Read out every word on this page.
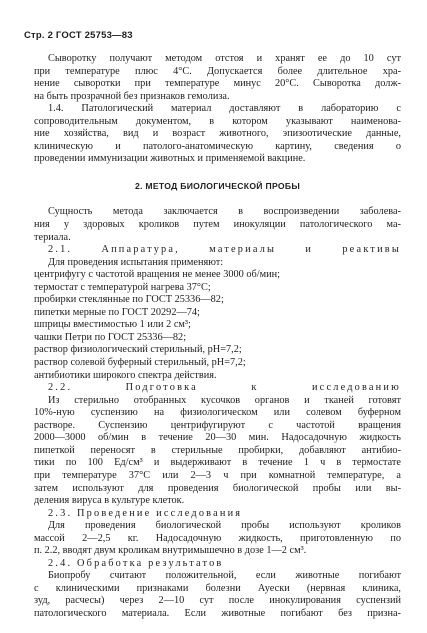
Стр. 2 ГОСТ 25753—83

Сыворотку получают методом отстоя и хранят ее до 10 сут
при температуре плюс 4°С. Допускается более длительное хра-
нение сыворотки при температуре минус 20°С. Сыворотка долж-
на быть прозрачной без признаков гемолиза.

1.4. Патологический материал доставляют в лабораторию с
сопроводительным документом, в котором указывают наименова-
ние хозяйства, вид и возраст животного, эпизоотические данные,
клиническую и патолого-анатомическую картину, сведения о
проведении иммунизации животных и применяемой вакцине.

2. МЕТОД БИОЛОГИЧЕСКОЙ ПРОБЫ

Сущность метода заключается в воспроизведении заболева-
ния у здоровых кроликов путем инокуляции патологического ма-
териала.

2.1. Аппаратура, материалы и реактивы

Для проведения испытания применяют:

центрифугу с частотой вращения не менее 3000 об/мин;
термостат с температурой нагрева 37°С;
пробирки стеклянные по ГОСТ 25336—82;
пипетки мерные по ГОСТ 20292—74;
шприцы вместимостью 1 или 2 см³;
чашки Петри по ГОСТ 25336—82;
раствор физиологический стерильный, pH=7,2;
раствор солевой буферный стерильный, pH=7,2;
антибиотики широкого спектра действия.

2.2. Подготовка к исследованию

Из стерильно отобранных кусочков органов и тканей готовят
10%-ную суспензию на физиологическом или солевом буферном
растворе. Суспензию центрифугируют с частотой вращения
2000—3000 об/мин в течение 20—30 мин. Надосадочную жидкость
пипеткой переносят в стерильные пробирки, добавляют антибио-
тики по 100 Ед/см³ и выдерживают в течение 1 ч в термостате
при температуре 37°С или 2—3 ч при комнатной температуре, а
затем используют для проведения биологической пробы или вы-
деления вируса в культуре клеток.

2.3. Проведение исследования

Для проведения биологической пробы используют кроликов
массой 2—2,5 кг. Надосадочную жидкость, приготовленную по
п. 2.2, вводят двум кроликам внутримышечно в дозе 1—2 см³.

2.4. Обработка результатов

Биопробу считают положительной, если животные погибают
с клиническими признаками болезни Ауески (нервная клиника,
зуд, расчесы) через 2—10 сут после инокулирования суспензий
патологического материала. Если животные погибают без призна-
